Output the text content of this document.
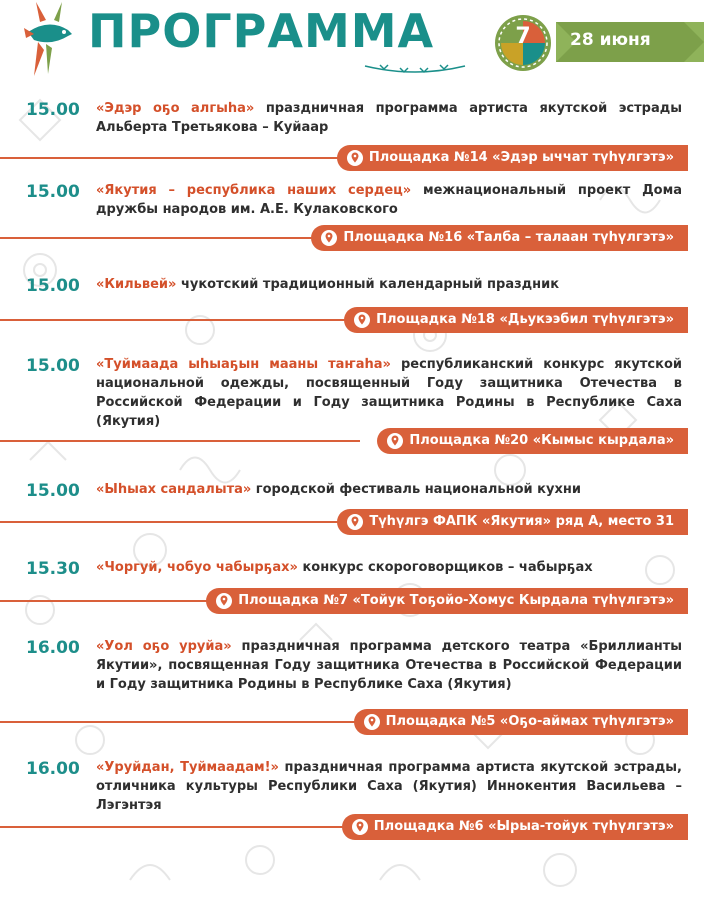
ПРОГРАММА	7	28 июня
15.00 «Эдэр оҕо алгыһа» праздничная программа артиста якутской эстрады Альберта Третьякова – Куйаар
Площадка №14 «Эдэр ыччат түһүлгэтэ»
15.00 «Якутия – республика наших сердец» межнациональный проект Дома дружбы народов им. А.Е. Кулаковского
Площадка №16 «Талба – талаан түһүлгэтэ»
15.00 «Кильвей» чукотский традиционный календарный праздник
Площадка №18 «Дьукээбил түһүлгэтэ»
15.00 «Туймаада ыһыаҕын мааны таҥаһа» республиканский конкурс якутской национальной одежды, посвященный Году защитника Отечества в Российской Федерации и Году защитника Родины в Республике Саха (Якутия)
Площадка №20 «Кымыс кырдала»
15.00 «Ыһыах сандалыта» городской фестиваль национальной кухни
Түһүлгэ ФАПК «Якутия» ряд А, место 31
15.30 «Чоргуй, чобуо чабырҕах» конкурс скороговорщиков – чабырҕах
Площадка №7 «Тойук Тоҕойо-Хомус Кырдала түһүлгэтэ»
16.00 «Уол оҕо уруйа» праздничная программа детского театра «Бриллианты Якутии», посвященная Году защитника Отечества в Российской Федерации и Году защитника Родины в Республике Саха (Якутия)
Площадка №5 «Оҕо-аймах түһүлгэтэ»
16.00 «Уруйдан, Туймаадам!» праздничная программа артиста якутской эстрады, отличника культуры Республики Саха (Якутия) Иннокентия Васильева – Лэгэнтэя
Площадка №6 «Ырыа-тойук түһүлгэтэ»
